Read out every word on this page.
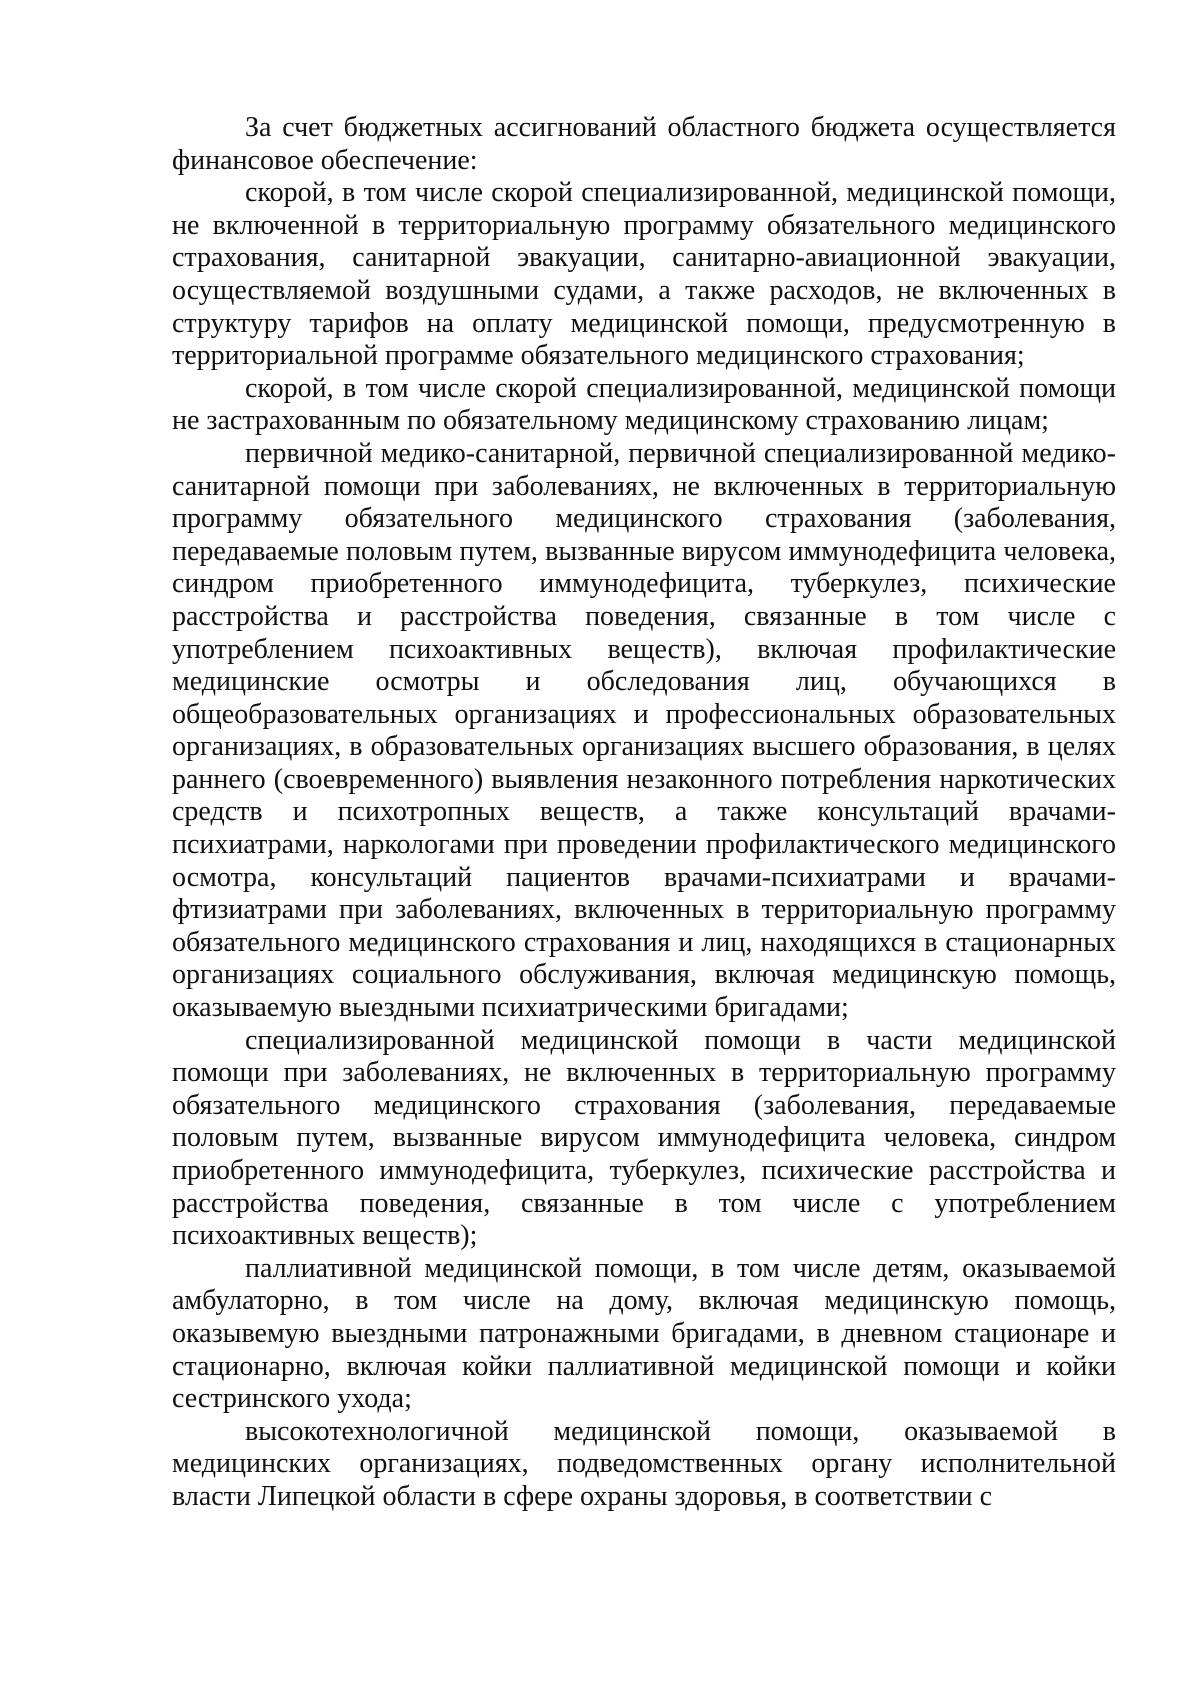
За счет бюджетных ассигнований областного бюджета осуществляется финансовое обеспечение:

скорой, в том числе скорой специализированной, медицинской помощи, не включенной в территориальную программу обязательного медицинского страхования, санитарной эвакуации, санитарно-авиационной эвакуации, осуществляемой воздушными судами, а также расходов, не включенных в структуру тарифов на оплату медицинской помощи, предусмотренную в территориальной программе обязательного медицинского страхования;

скорой, в том числе скорой специализированной, медицинской помощи не застрахованным по обязательному медицинскому страхованию лицам;

первичной медико-санитарной, первичной специализированной медико-санитарной помощи при заболеваниях, не включенных в территориальную программу обязательного медицинского страхования (заболевания, передаваемые половым путем, вызванные вирусом иммунодефицита человека, синдром приобретенного иммунодефицита, туберкулез, психические расстройства и расстройства поведения, связанные в том числе с употреблением психоактивных веществ), включая профилактические медицинские осмотры и обследования лиц, обучающихся в общеобразовательных организациях и профессиональных образовательных организациях, в образовательных организациях высшего образования, в целях раннего (своевременного) выявления незаконного потребления наркотических средств и психотропных веществ, а также консультаций врачами-психиатрами, наркологами при проведении профилактического медицинского осмотра, консультаций пациентов врачами-психиатрами и врачами-фтизиатрами при заболеваниях, включенных в территориальную программу обязательного медицинского страхования и лиц, находящихся в стационарных организациях социального обслуживания, включая медицинскую помощь, оказываемую выездными психиатрическими бригадами;

специализированной медицинской помощи в части медицинской помощи при заболеваниях, не включенных в территориальную программу обязательного медицинского страхования (заболевания, передаваемые половым путем, вызванные вирусом иммунодефицита человека, синдром приобретенного иммунодефицита, туберкулез, психические расстройства и расстройства поведения, связанные в том числе с употреблением психоактивных веществ);

паллиативной медицинской помощи, в том числе детям, оказываемой амбулаторно, в том числе на дому, включая медицинскую помощь, оказывемую выездными патронажными бригадами, в дневном стационаре и стационарно, включая койки паллиативной медицинской помощи и койки сестринского ухода;

высокотехнологичной медицинской помощи, оказываемой в медицинских организациях, подведомственных органу исполнительной власти Липецкой области в сфере охраны здоровья, в соответствии с
